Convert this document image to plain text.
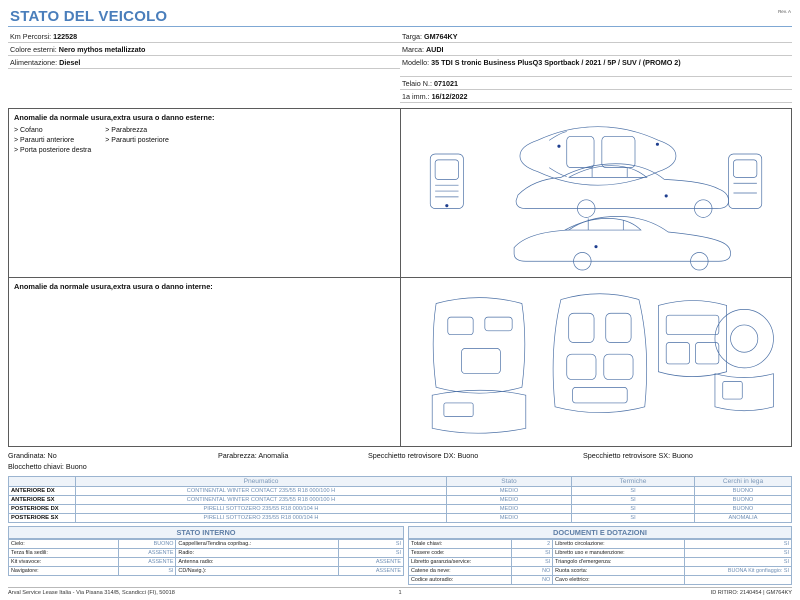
Rev. A
STATO DEL VEICOLO
Km Percorsi: 122528
Colore esterni: Nero mythos metallizzato
Alimentazione: Diesel
Targa: GM764KY
Marca: AUDI
Modello: 35 TDI S tronic Business PlusQ3 Sportback / 2021 / 5P / SUV / (PROMO 2)
Telaio N.: 071021
1a imm.: 16/12/2022
Anomalie da normale usura,extra usura o danno esterne:
> Cofano
> Paraurti anteriore
> Porta posteriore destra
> Parabrezza
> Paraurti posteriore
Anomalie da normale usura,extra usura o danno interne:
Grandinata: No	Parabrezza: Anomalia	Specchietto retrovisore DX: Buono	Specchietto retrovisore SX: Buono
Blocchetto chiavi: Buono
	Pneumatico	Stato	Termiche	Cerchi in lega
ANTERIORE DX	CONTINENTAL WINTER CONTACT 235/55 R18 000/100 H	MEDIO	SI	BUONO
ANTERIORE SX	CONTINENTAL WINTER CONTACT 235/55 R18 000/100 H	MEDIO	SI	BUONO
POSTERIORE DX	PIRELLI SOTTOZERO 235/55 R18 000/104 H	MEDIO	SI	BUONO
POSTERIORE SX	PIRELLI SOTTOZERO 235/55 R18 000/104 H	MEDIO	SI	ANOMALIA
STATO INTERNO
Cielo:	BUONO	Cappelliera/Tendina copribag.:	SI
Terza fila sedili:	ASSENTE	Radio:	SI
Kit vivavoce:	ASSENTE	Antenna radio:	ASSENTE
Navigatore:	SI	CD/Navig.):	ASSENTE
DOCUMENTI E DOTAZIONI
Totale chiavi:	2	Libretto circolazione:	SI
Tessere code:	SI	Libretto uso e manutenzione:	SI
Libretto garanzia/service:	SI	Triangolo d'emergenza:	SI
Catene da neve:	NO	Ruota scorta:	BUONA Kit gonfiaggio: SI
Codice autoradio:	NO	Cavo elettrico:	
Arval Service Lease Italia - Via Pisana 314/B, Scandicci (FI), 50018	1	ID RITIRO: 2140454 | GM764KY
